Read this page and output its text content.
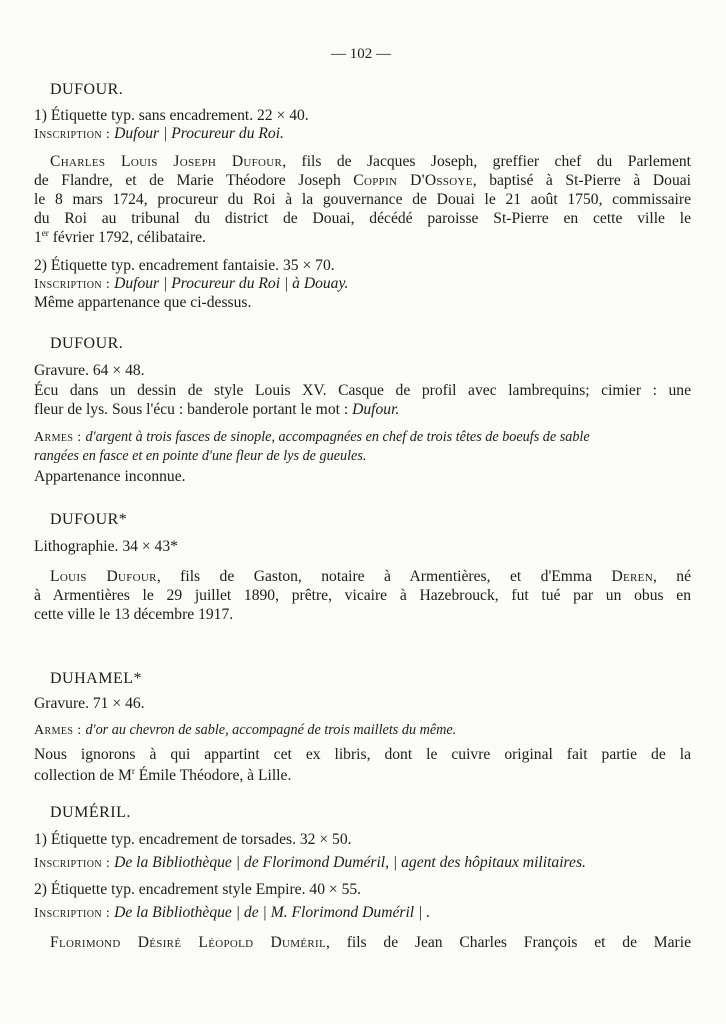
— 102 —
DUFOUR.
1) Étiquette typ. sans encadrement. 22 × 40.
Inscription : Dufour | Procureur du Roi.
Charles Louis Joseph Dufour, fils de Jacques Joseph, greffier chef du Parlement
de Flandre, et de Marie Théodore Joseph Coppin D'Ossoye, baptisé à St-Pierre à Douai
le 8 mars 1724, procureur du Roi à la gouvernance de Douai le 21 août 1750, commissaire
du Roi au tribunal du district de Douai, décédé paroisse St-Pierre en cette ville le
1er février 1792, célibataire.
2) Étiquette typ. encadrement fantaisie. 35 × 70.
Inscription : Dufour | Procureur du Roi | à Douay.
Même appartenance que ci-dessus.
DUFOUR.
Gravure. 64 × 48.
Écu dans un dessin de style Louis XV. Casque de profil avec lambrequins; cimier : une
fleur de lys. Sous l'écu : banderole portant le mot : Dufour.
Armes : d'argent à trois fasces de sinople, accompagnées en chef de trois têtes de boeufs de sable
rangées en fasce et en pointe d'une fleur de lys de gueules.
Appartenance inconnue.
DUFOUR*
Lithographie. 34 × 43*
Louis Dufour, fils de Gaston, notaire à Armentières, et d'Emma Deren, né
à Armentières le 29 juillet 1890, prêtre, vicaire à Hazebrouck, fut tué par un obus en
cette ville le 13 décembre 1917.
DUHAMEL*
Gravure. 71 × 46.
Armes : d'or au chevron de sable, accompagné de trois maillets du même.
Nous ignorons à qui appartint cet ex libris, dont le cuivre original fait partie de la
collection de $M^r$ Émile Théodore, à Lille.
DUMÉRIL.
1) Étiquette typ. encadrement de torsades. 32 × 50.
Inscription : De la Bibliothèque | de Florimond Duméril, | agent des hôpitaux militaires.
2) Étiquette typ. encadrement style Empire. 40 × 55.
Inscription : De la Bibliothèque | de | M. Florimond Duméril | .
Florimond Désiré Léopold Duméril, fils de Jean Charles François et de Marie
